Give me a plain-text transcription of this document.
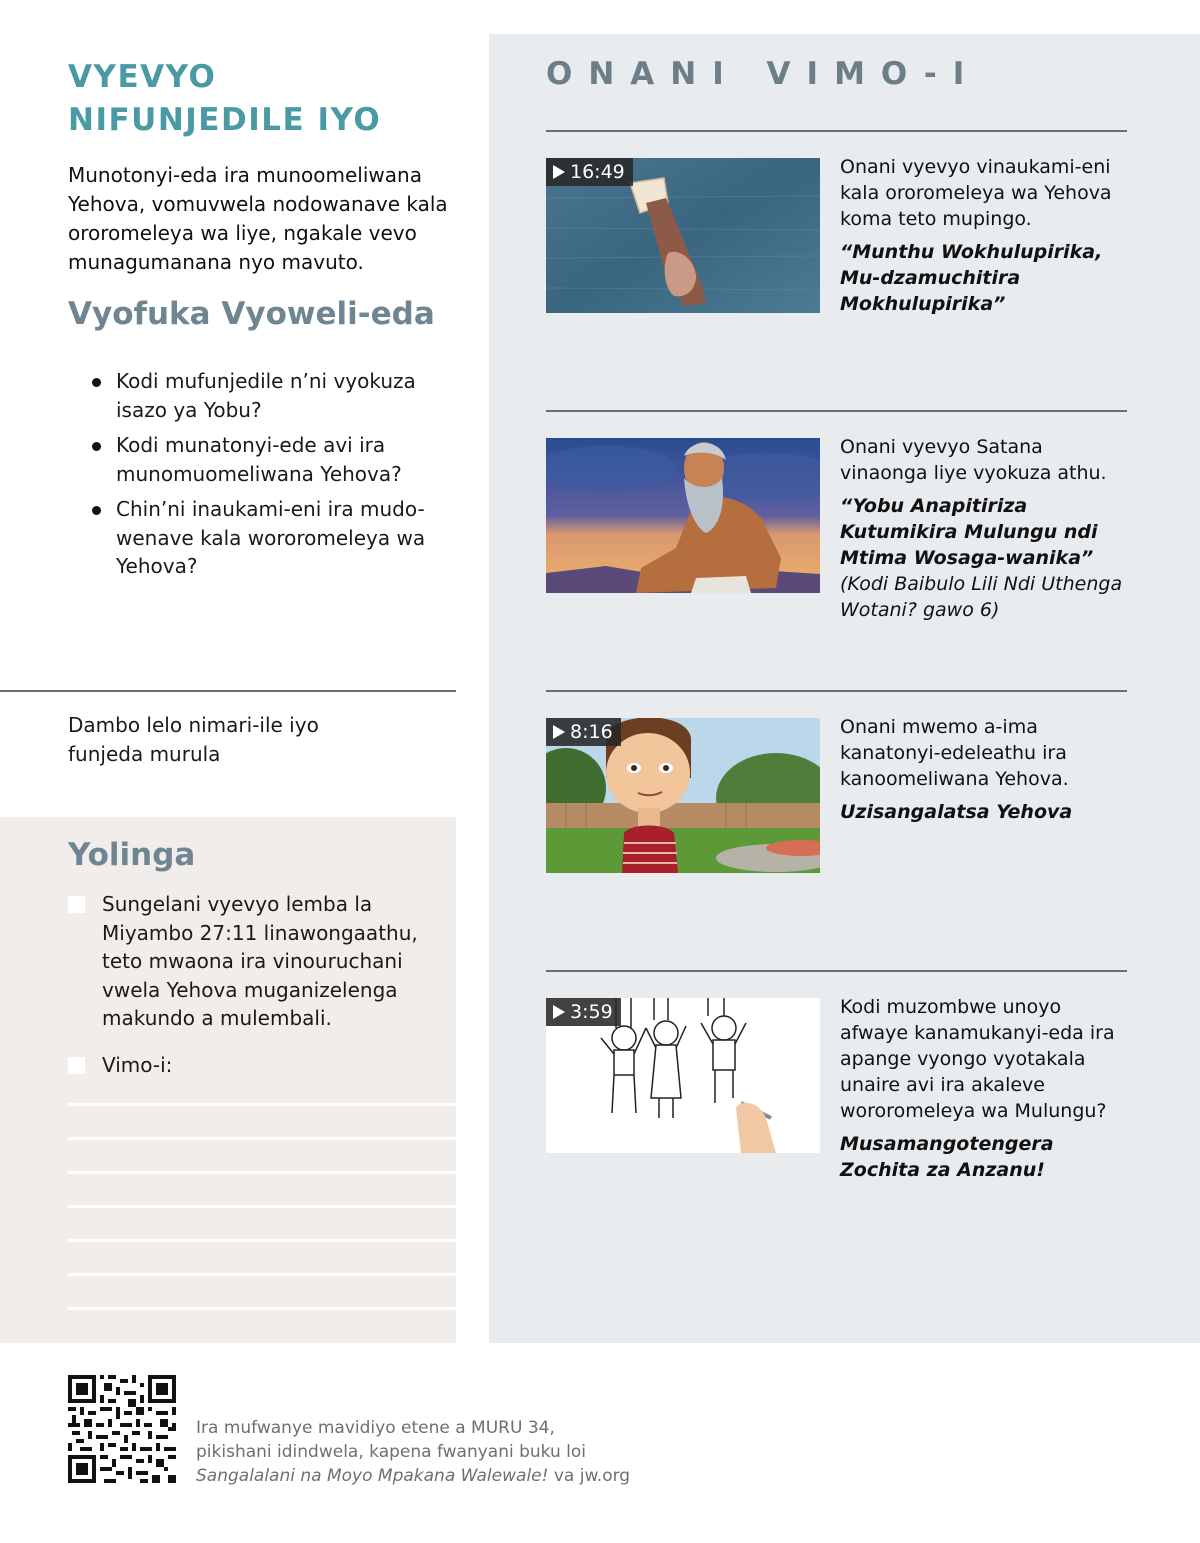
VYEVYO
NIFUNJEDILE IYO

Munotonyi-eda ira munoomeliwana Yehova, vomuvwela nodowanave kala ororomeleya wa liye, ngakale vevo munagumanana nyo mavuto.

Vyofuka Vyoweli-eda
Kodi mufunjedile n’ni vyokuza isazo ya Yobu?
Kodi munatonyi-ede avi ira munomuomeliwana Yehova?
Chin’ni inaukami-eni ira mudo-wenave kala wororomeleya wa Yehova?

Dambo lelo nimari-ile iyo funjeda murula

Yolinga
Sungelani vyevyo lemba la Miyambo 27:11 linawongaathu, teto mwaona ira vinouruchani vwela Yehova muganizelenga makundo a mulembali.
Vimo-i:
ONANI VIMO-I
16:49	Onani vyevyo vinaukami-eni kala ororomeleya wa Yehova koma teto mupingo.
“Munthu Wokhulupirika, Mu-dzamuchitira Mokhulupirika”

Onani vyevyo Satana vinaonga liye vyokuza athu.
“Yobu Anapitiriza Kutumikira Mulungu ndi Mtima Wosaga-wanika” (Kodi Baibulo Lili Ndi Uthenga Wotani? gawo 6)

8:16	Onani mwemo a-ima kanatonyi-edeleathu ira kanoomeliwana Yehova.
Uzisangalatsa Yehova

3:59	Kodi muzombwe unoyo afwaye kanamukanyi-eda ira apange vyongo vyotakala unaire avi ira akaleve wororomeleya wa Mulungu?
Musamangotengera Zochita za Anzanu!

Ira mufwanye mavidiyo etene a MURU 34,
pikishani idindwela, kapena fwanyani buku loi
Sangalalani na Moyo Mpakana Walewale! va jw.org
